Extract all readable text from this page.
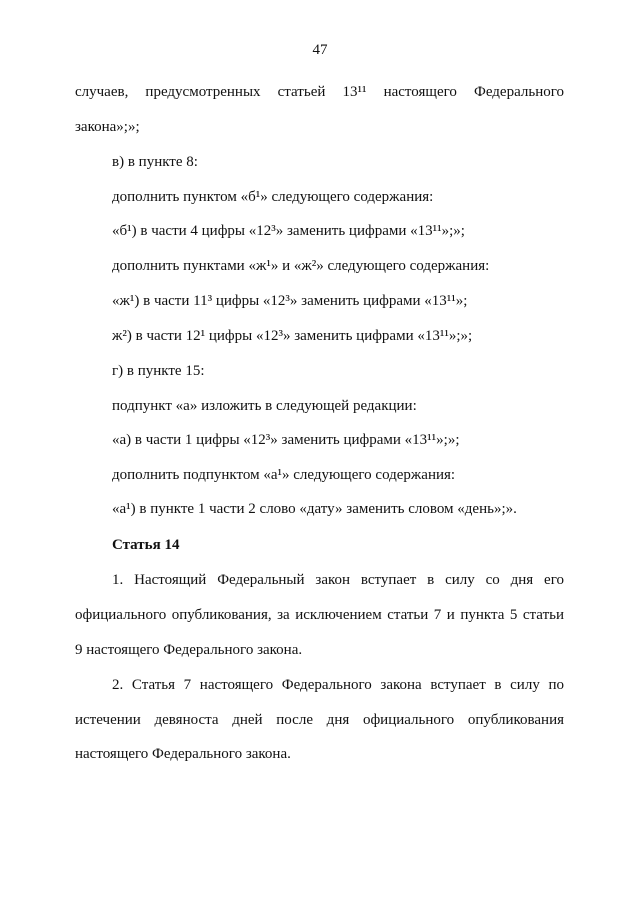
47
случаев, предусмотренных статьей 13¹¹ настоящего Федерального
закона»;»;
в) в пункте 8:
дополнить пунктом «б¹» следующего содержания:
«б¹) в части 4 цифры «12³» заменить цифрами «13¹¹»;»;
дополнить пунктами «ж¹» и «ж²» следующего содержания:
«ж¹) в части 11³ цифры «12³» заменить цифрами «13¹¹»;
ж²) в части 12¹ цифры «12³» заменить цифрами «13¹¹»;»;
г) в пункте 15:
подпункт «а» изложить в следующей редакции:
«а) в части 1 цифры «12³» заменить цифрами «13¹¹»;»;
дополнить подпунктом «а¹» следующего содержания:
«а¹) в пункте 1 части 2 слово «дату» заменить словом «день»;».
Статья 14
1. Настоящий Федеральный закон вступает в силу со дня его
официального опубликования, за исключением статьи 7 и пункта 5 статьи
9 настоящего Федерального закона.
2. Статья 7 настоящего Федерального закона вступает в силу по
истечении девяноста дней после дня официального опубликования
настоящего Федерального закона.
